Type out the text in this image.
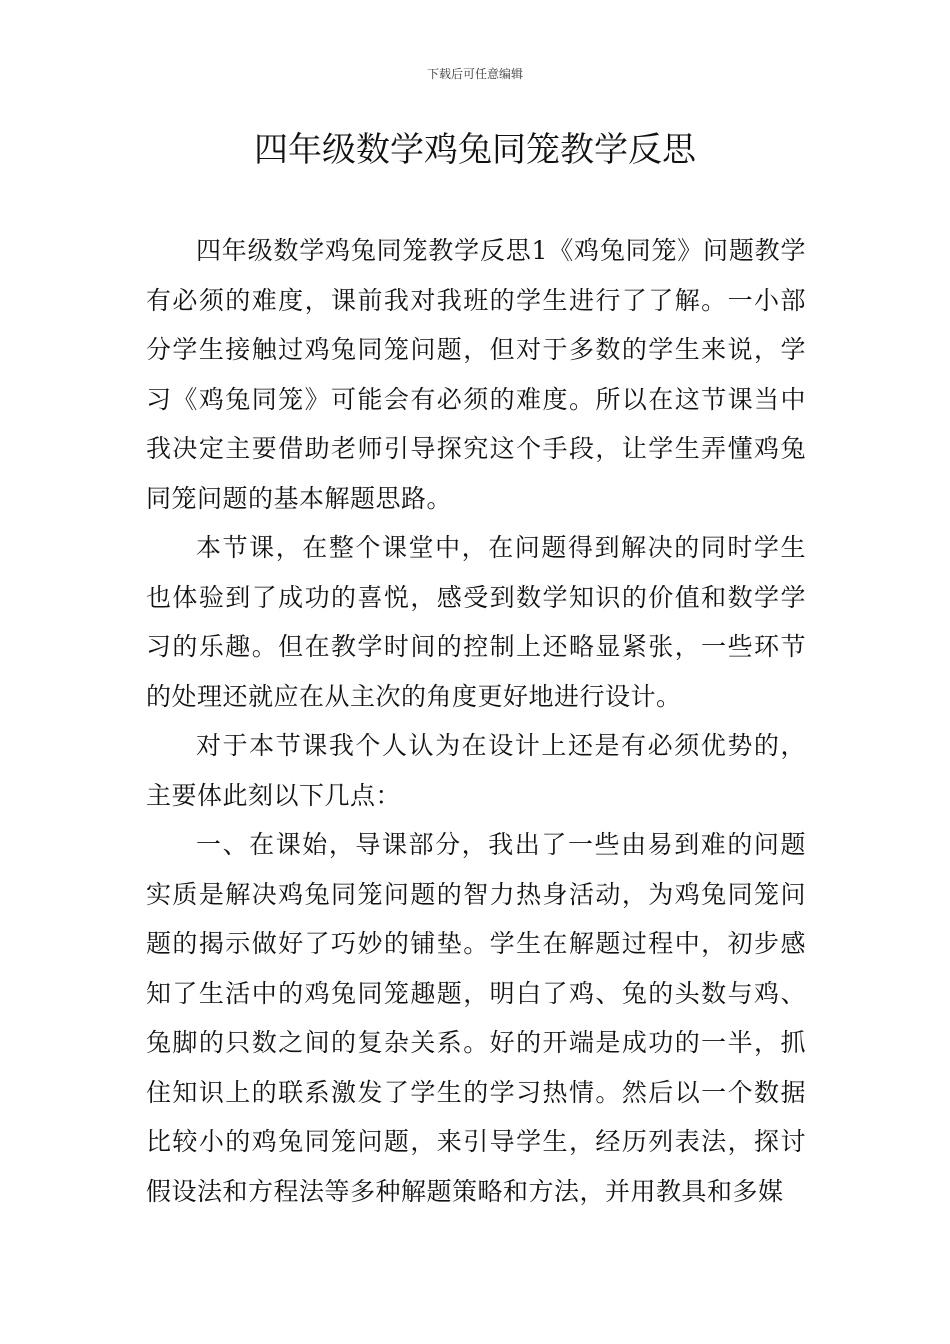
下载后可任意编辑
四年级数学鸡兔同笼教学反思

四年级数学鸡兔同笼教学反思1《鸡兔同笼》问题教学有必须的难度，课前我对我班的学生进行了了解。一小部分学生接触过鸡兔同笼问题，但对于多数的学生来说，学习《鸡兔同笼》可能会有必须的难度。所以在这节课当中我决定主要借助老师引导探究这个手段，让学生弄懂鸡兔同笼问题的基本解题思路。

本节课，在整个课堂中，在问题得到解决的同时学生也体验到了成功的喜悦，感受到数学知识的价值和数学学习的乐趣。但在教学时间的控制上还略显紧张，一些环节的处理还就应在从主次的角度更好地进行设计。

对于本节课我个人认为在设计上还是有必须优势的，主要体此刻以下几点：

一、在课始，导课部分，我出了一些由易到难的问题实质是解决鸡兔同笼问题的智力热身活动，为鸡兔同笼问题的揭示做好了巧妙的铺垫。学生在解题过程中，初步感知了生活中的鸡兔同笼趣题，明白了鸡、兔的头数与鸡、兔脚的只数之间的复杂关系。好的开端是成功的一半，抓住知识上的联系激发了学生的学习热情。然后以一个数据比较小的鸡兔同笼问题，来引导学生，经历列表法，探讨假设法和方程法等多种解题策略和方法，并用教具和多媒
